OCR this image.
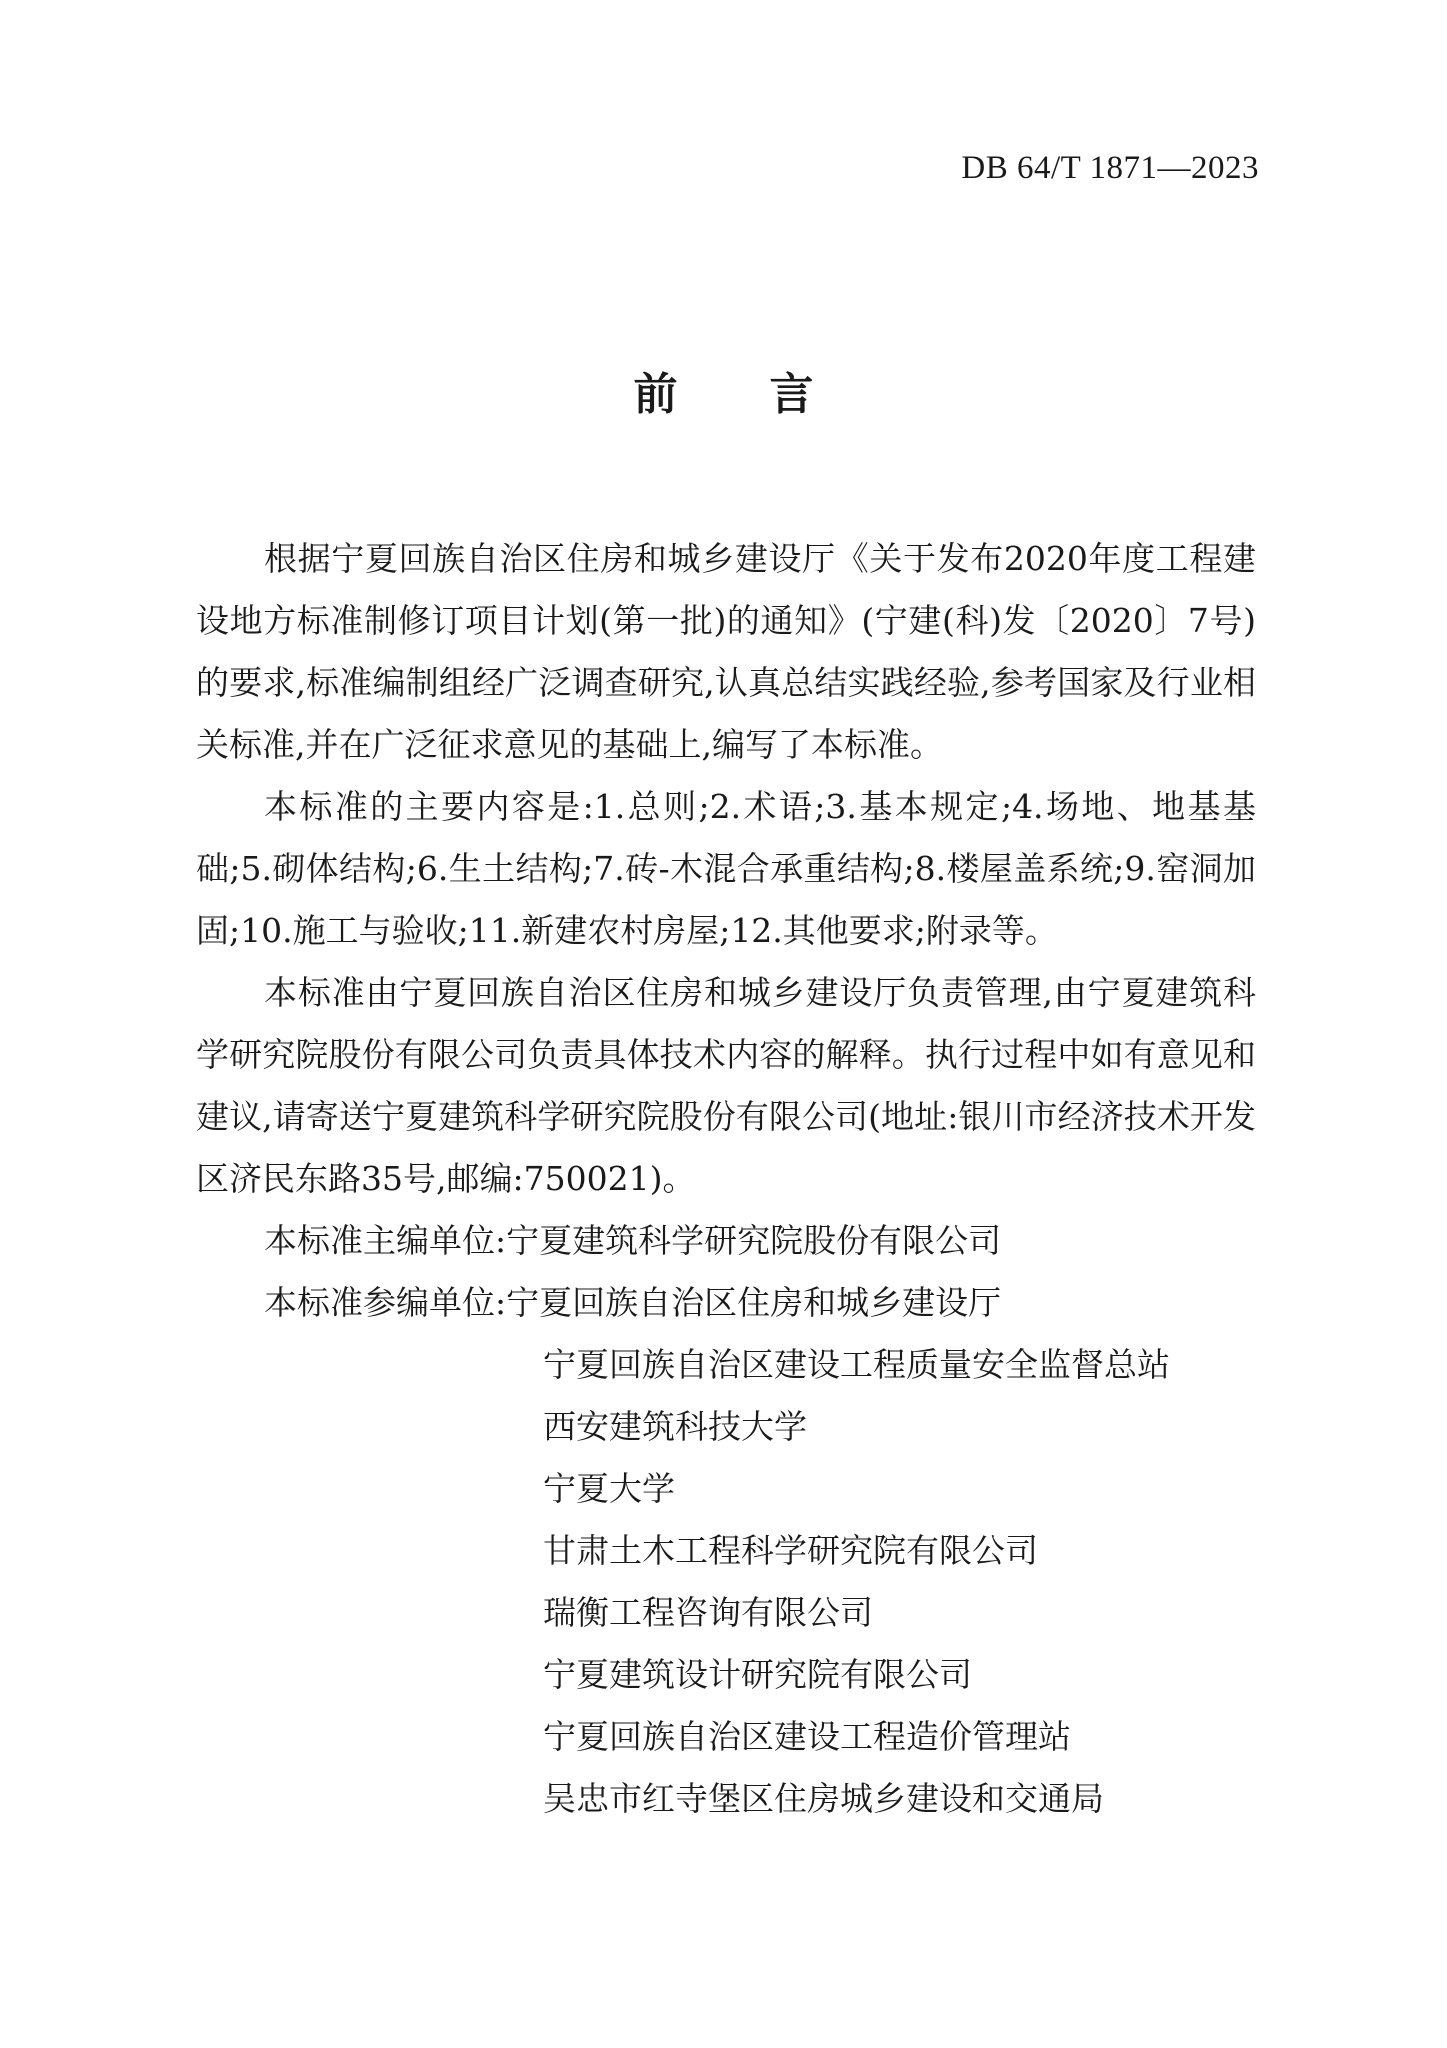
DB 64/T 1871—2023
前 言

根据宁夏回族自治区住房和城乡建设厅《关于发布2020年度工程建设地方标准制修订项目计划(第一批)的通知》(宁建(科)发〔2020〕7号)的要求,标准编制组经广泛调查研究,认真总结实践经验,参考国家及行业相关标准,并在广泛征求意见的基础上,编写了本标准。

本标准的主要内容是:1.总则;2.术语;3.基本规定;4.场地、地基基础;5.砌体结构;6.生土结构;7.砖-木混合承重结构;8.楼屋盖系统;9.窑洞加固;10.施工与验收;11.新建农村房屋;12.其他要求;附录等。

本标准由宁夏回族自治区住房和城乡建设厅负责管理,由宁夏建筑科学研究院股份有限公司负责具体技术内容的解释。执行过程中如有意见和建议,请寄送宁夏建筑科学研究院股份有限公司(地址:银川市经济技术开发区济民东路35号,邮编:750021)。

本标准主编单位: 宁夏建筑科学研究院股份有限公司
本标准参编单位: 宁夏回族自治区住房和城乡建设厅
宁夏回族自治区建设工程质量安全监督总站
西安建筑科技大学
宁夏大学
甘肃土木工程科学研究院有限公司
瑞衡工程咨询有限公司
宁夏建筑设计研究院有限公司
宁夏回族自治区建设工程造价管理站
吴忠市红寺堡区住房城乡建设和交通局
